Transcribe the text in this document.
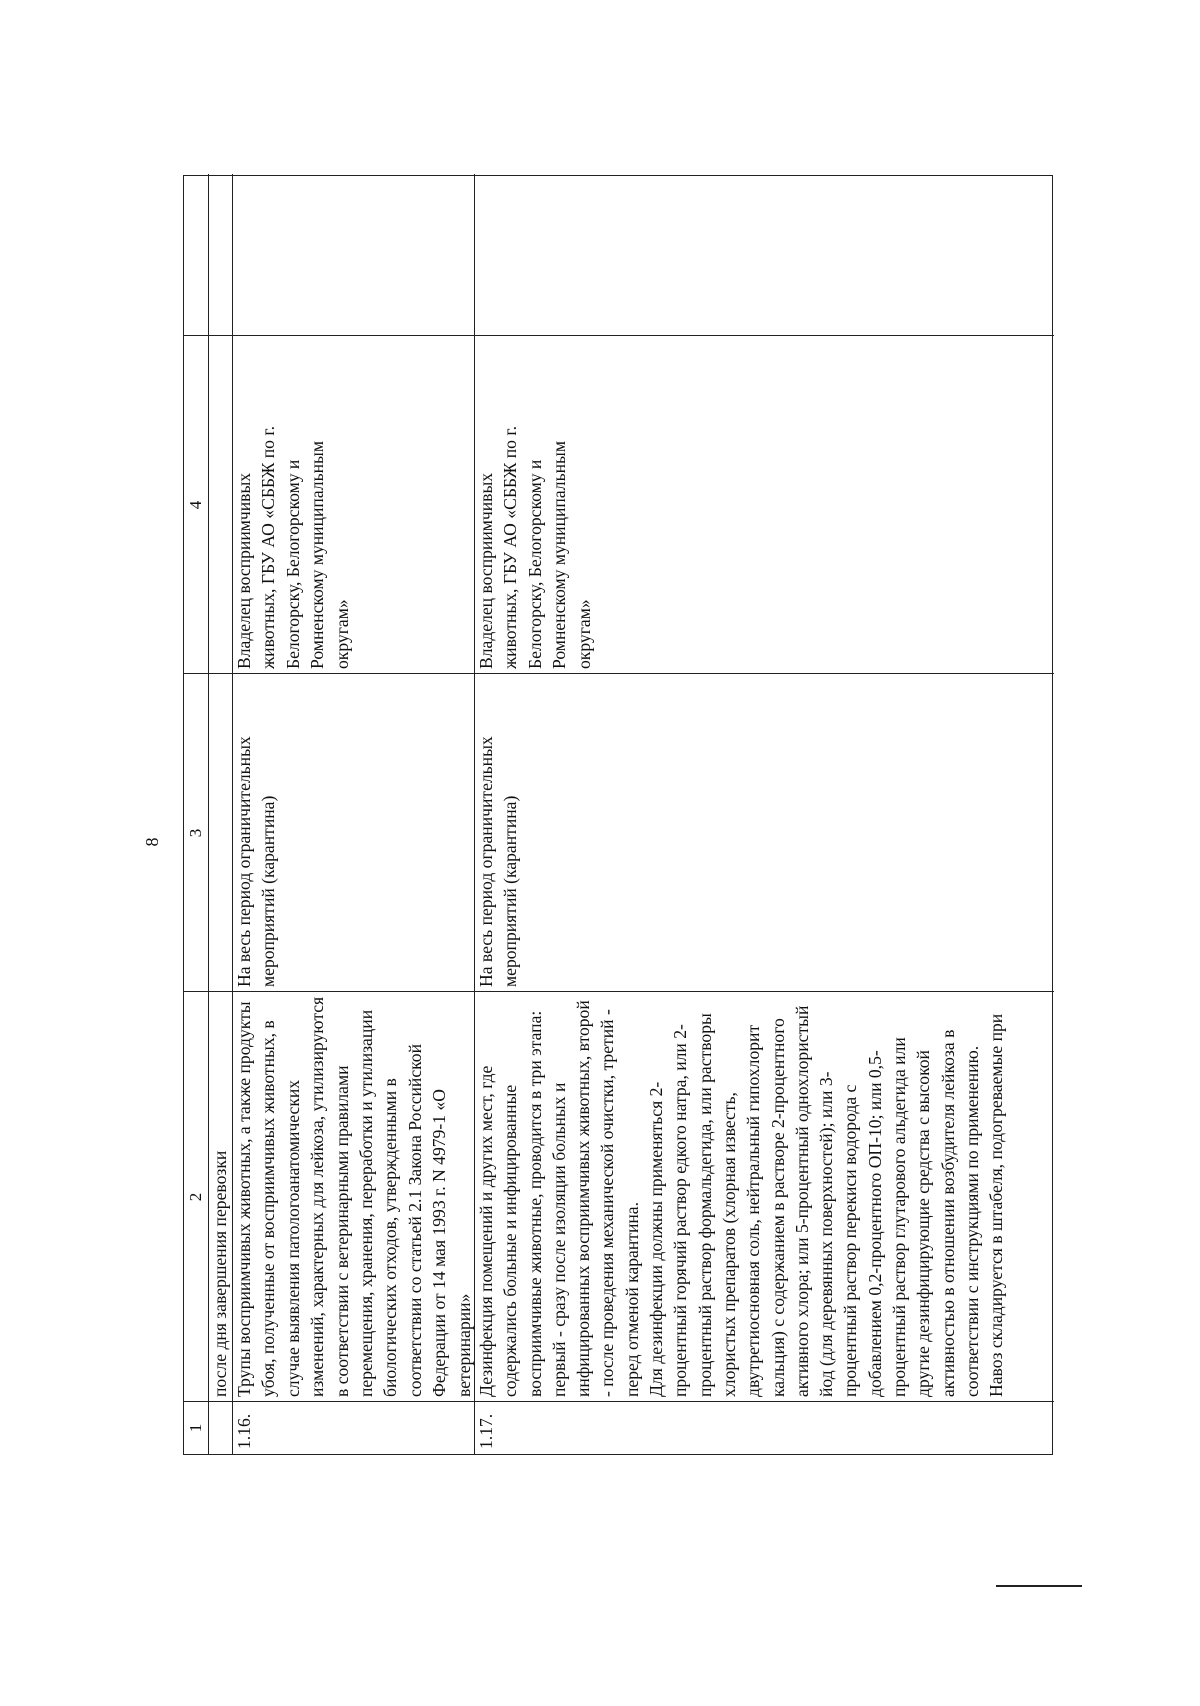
8
1
2
3
4
после дня завершения перевозки
1.16.
Трупы восприимчивых животных, а также продукты убоя, полученные от восприимчивых животных, в случае выявления патологоанатомических изменений, характерных для лейкоза, утилизируются в соответствии с ветеринарными правилами перемещения, хранения, переработки и утилизации биологических отходов, утвержденными в соответствии со статьей 2.1 Закона Российской Федерации от 14 мая 1993 г. N 4979-1 «О ветеринарии»
На весь период ограничительных мероприятий (карантина)
Владелец восприимчивых животных, ГБУ АО «СББЖ по г. Белогорску, Белогорскому и Ромненскому муниципальным округам»
1.17.
Дезинфекция помещений и других мест, где содержались больные и инфицированные восприимчивые животные, проводится в три этапа: первый - сразу после изоляции больных и инфицированных восприимчивых животных, второй - после проведения механической очистки, третий - перед отменой карантина. Для дезинфекции должны применяться 2- процентный горячий раствор едкого натра, или 2- процентный раствор формальдегида, или растворы хлористых препаратов (хлорная известь, двутретиосновная соль, нейтральный гипохлорит кальция) с содержанием в растворе 2-процентного активного хлора; или 5-процентный однохлористый йод (для деревянных поверхностей); или 3- процентный раствор перекиси водорода с добавлением 0,2-процентного ОП-10; или 0,5- процентный раствор глутарового альдегида или другие дезинфицирующие средства с высокой активностью в отношении возбудителя лейкоза в соответствии с инструкциями по применению. Навоз складируется в штабеля, подогреваемые при
На весь период ограничительных мероприятий (карантина)
Владелец восприимчивых животных, ГБУ АО «СББЖ по г. Белогорску, Белогорскому и Ромненскому муниципальным округам»
